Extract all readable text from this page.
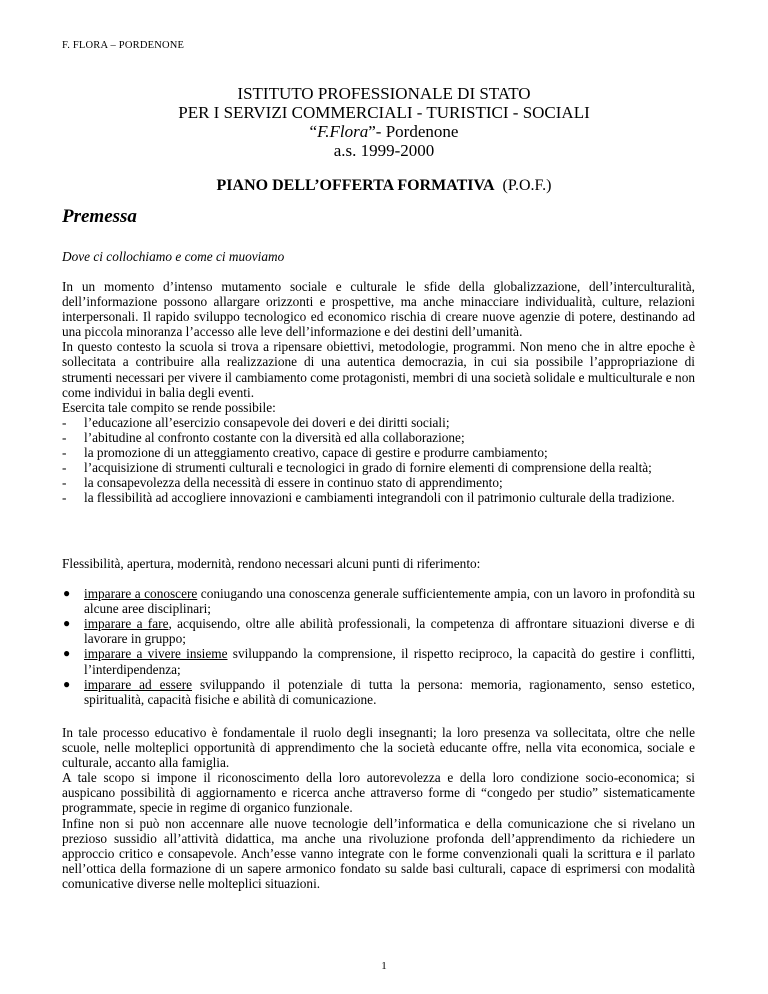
F. FLORA – PORDENONE
ISTITUTO PROFESSIONALE DI STATO
PER I SERVIZI COMMERCIALI - TURISTICI - SOCIALI
“F.Flora”- Pordenone
a.s. 1999-2000
PIANO DELL’OFFERTA FORMATIVA (P.O.F.)
Premessa
Dove ci collochiamo e come ci muoviamo

In un momento d’intenso mutamento sociale e culturale le sfide della globalizzazione, dell’interculturalità, dell’informazione possono allargare orizzonti e prospettive, ma anche minacciare individualità, culture, relazioni interpersonali. Il rapido sviluppo tecnologico ed economico rischia di creare nuove agenzie di potere, destinando ad una piccola minoranza l’accesso alle leve dell’informazione e dei destini dell’umanità.

In questo contesto la scuola si trova a ripensare obiettivi, metodologie, programmi. Non meno che in altre epoche è sollecitata a contribuire alla realizzazione di una autentica democrazia, in cui sia possibile l’appropriazione di strumenti necessari per vivere il cambiamento come protagonisti, membri di una società solidale e multiculturale e non come individui in balia degli eventi.

Esercita tale compito se rende possibile:

- l’educazione all’esercizio consapevole dei doveri e dei diritti sociali;

- l’abitudine al confronto costante con la diversità ed alla collaborazione;

- la promozione di un atteggiamento creativo, capace di gestire e produrre cambiamento;

- l’acquisizione di strumenti culturali e tecnologici in grado di fornire elementi di comprensione della realtà;

- la consapevolezza della necessità di essere in continuo stato di apprendimento;

- la flessibilità ad accogliere innovazioni e cambiamenti integrandoli con il patrimonio culturale della tradizione.

Flessibilità, apertura, modernità, rendono necessari alcuni punti di riferimento:

● imparare a conoscere coniugando una conoscenza generale sufficientemente ampia, con un lavoro in profondità su alcune aree disciplinari;

● imparare a fare, acquisendo, oltre alle abilità professionali, la competenza di affrontare situazioni diverse e di lavorare in gruppo;

● imparare a vivere insieme sviluppando la comprensione, il rispetto reciproco, la capacità do gestire i conflitti, l’interdipendenza;

● imparare ad essere sviluppando il potenziale di tutta la persona: memoria, ragionamento, senso estetico, spiritualità, capacità fisiche e abilità di comunicazione.

In tale processo educativo è fondamentale il ruolo degli insegnanti; la loro presenza va sollecitata, oltre che nelle scuole, nelle molteplici opportunità di apprendimento che la società educante offre, nella vita economica, sociale e culturale, accanto alla famiglia.

A tale scopo si impone il riconoscimento della loro autorevolezza e della loro condizione socio-economica; si auspicano possibilità di aggiornamento e ricerca anche attraverso forme di “congedo per studio” sistematicamente programmate, specie in regime di organico funzionale.

Infine non si può non accennare alle nuove tecnologie dell’informatica e della comunicazione che si rivelano un prezioso sussidio all’attività didattica, ma anche una rivoluzione profonda dell’apprendimento da richiedere un approccio critico e consapevole. Anch’esse vanno integrate con le forme convenzionali quali la scrittura e il parlato nell’ottica della formazione di un sapere armonico fondato su salde basi culturali, capace di esprimersi con modalità comunicative diverse nelle molteplici situazioni.

1
